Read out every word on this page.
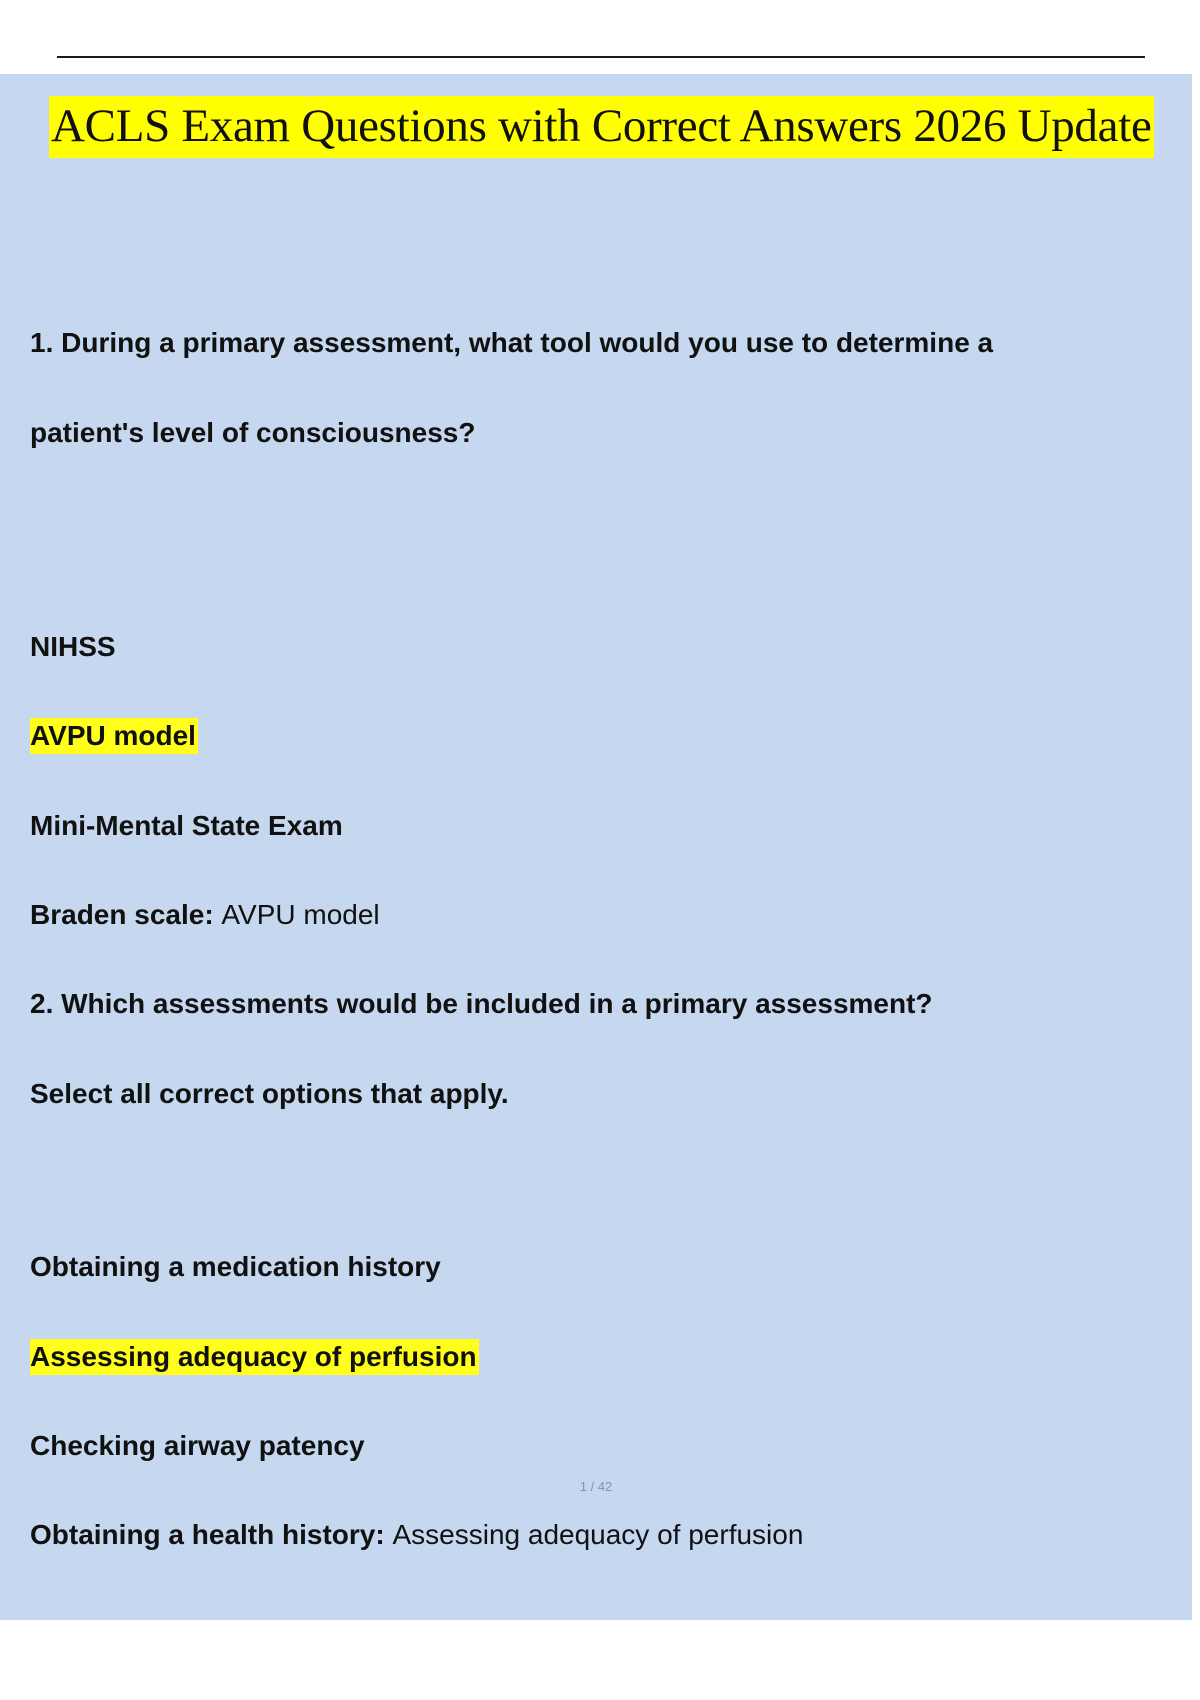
ACLS Exam Questions with Correct Answers 2026 Update

1. During a primary assessment, what tool would you use to determine a

patient's level of consciousness?

NIHSS

AVPU model

Mini-Mental State Exam

Braden scale: AVPU model

2. Which assessments would be included in a primary assessment?

Select all correct options that apply.

Obtaining a medication history

Assessing adequacy of perfusion

Checking airway patency

Obtaining a health history: Assessing adequacy of perfusion

1 / 42
